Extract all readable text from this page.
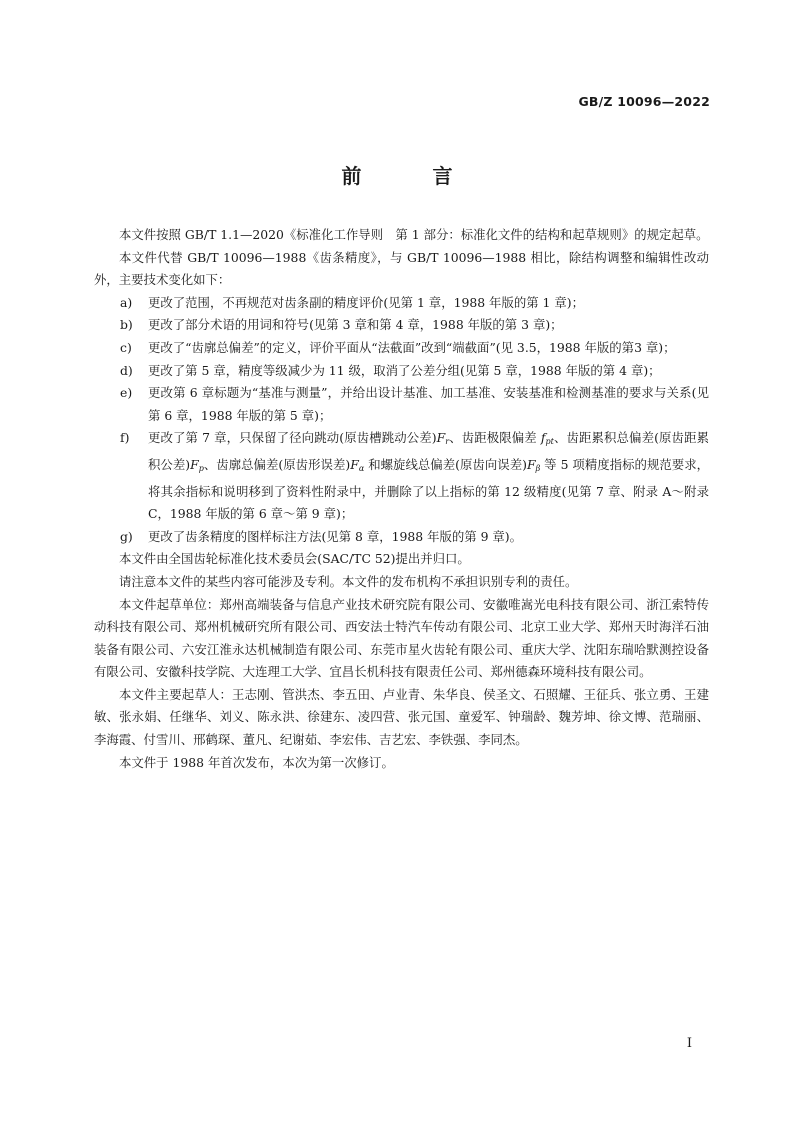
GB/Z 10096—2022
前 言

本文件按照 GB/T 1.1—2020《标准化工作导则　第 1 部分：标准化文件的结构和起草规则》的规定起草。

本文件代替 GB/T 10096—1988《齿条精度》，与 GB/T 10096—1988 相比，除结构调整和编辑性改动外，主要技术变化如下：

a) 更改了范围，不再规范对齿条副的精度评价(见第 1 章，1988 年版的第 1 章)；

b) 更改了部分术语的用词和符号(见第 3 章和第 4 章，1988 年版的第 3 章)；

c) 更改了“齿廓总偏差”的定义，评价平面从“法截面”改到“端截面”(见 3.5，1988 年版的第3 章)；

d) 更改了第 5 章，精度等级减少为 11 级，取消了公差分组(见第 5 章，1988 年版的第 4 章)；

e) 更改第 6 章标题为“基准与测量”，并给出设计基准、加工基准、安装基准和检测基准的要求与关系(见第 6 章，1988 年版的第 5 章)；

f) 更改了第 7 章，只保留了径向跳动(原齿槽跳动公差)$F_r$、齿距极限偏差 $f_{pt}$、齿距累积总偏差(原齿距累积公差)$F_p$、齿廓总偏差(原齿形误差)$F_\alpha$ 和螺旋线总偏差(原齿向误差)$F_\beta$ 等 5 项精度指标的规范要求，将其余指标和说明移到了资料性附录中，并删除了以上指标的第 12 级精度(见第 7 章、附录 A～附录 C，1988 年版的第 6 章～第 9 章)；

g) 更改了齿条精度的图样标注方法(见第 8 章，1988 年版的第 9 章)。

本文件由全国齿轮标准化技术委员会(SAC/TC 52)提出并归口。

请注意本文件的某些内容可能涉及专利。本文件的发布机构不承担识别专利的责任。

本文件起草单位：郑州高端装备与信息产业技术研究院有限公司、安徽唯嵩光电科技有限公司、浙江索特传动科技有限公司、郑州机械研究所有限公司、西安法士特汽车传动有限公司、北京工业大学、郑州天时海洋石油装备有限公司、六安江淮永达机械制造有限公司、东莞市星火齿轮有限公司、重庆大学、沈阳东瑞哈默测控设备有限公司、安徽科技学院、大连理工大学、宜昌长机科技有限责任公司、郑州德森环境科技有限公司。

本文件主要起草人：王志刚、管洪杰、李五田、卢业青、朱华良、侯圣文、石照耀、王征兵、张立勇、王建敏、张永娟、任继华、刘义、陈永洪、徐建东、凌四营、张元国、童爱军、钟瑞龄、魏芳坤、徐文博、范瑞丽、李海霞、付雪川、邢鹤琛、董凡、纪谢茹、李宏伟、吉艺宏、李铁强、李同杰。

本文件于 1988 年首次发布，本次为第一次修订。

I
